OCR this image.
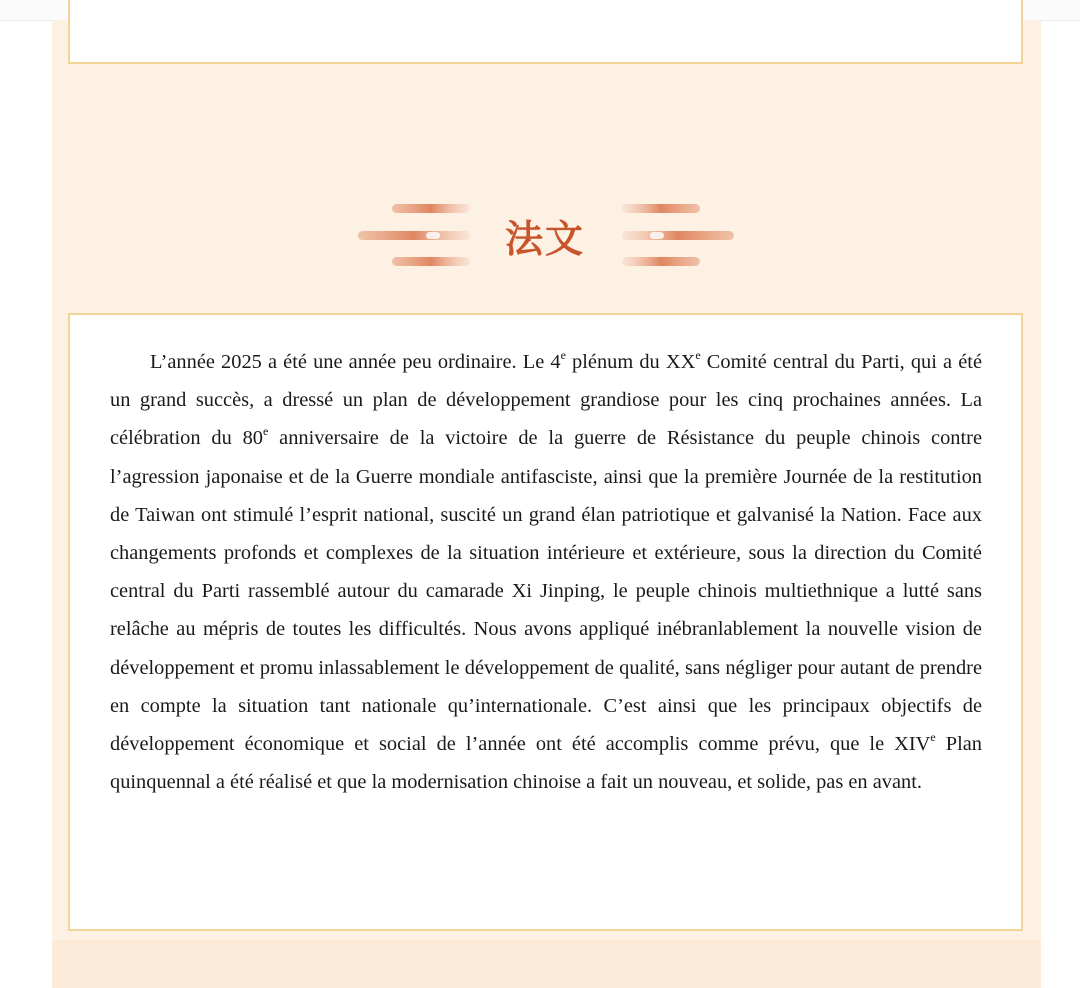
法文

L’année 2025 a été une année peu ordinaire. Le 4e plénum du XXe Comité central du Parti, qui a été un grand succès, a dressé un plan de développement grandiose pour les cinq prochaines années. La célébration du 80e anniversaire de la victoire de la guerre de Résistance du peuple chinois contre l’agression japonaise et de la Guerre mondiale antifasciste, ainsi que la première Journée de la restitution de Taiwan ont stimulé l’esprit national, suscité un grand élan patriotique et galvanisé la Nation. Face aux changements profonds et complexes de la situation intérieure et extérieure, sous la direction du Comité central du Parti rassemblé autour du camarade Xi Jinping, le peuple chinois multiethnique a lutté sans relâche au mépris de toutes les difficultés. Nous avons appliqué inébranlablement la nouvelle vision de développement et promu inlassablement le développement de qualité, sans négliger pour autant de prendre en compte la situation tant nationale qu’internationale. C’est ainsi que les principaux objectifs de développement économique et social de l’année ont été accomplis comme prévu, que le XIVe Plan quinquennal a été réalisé et que la modernisation chinoise a fait un nouveau, et solide, pas en avant.
